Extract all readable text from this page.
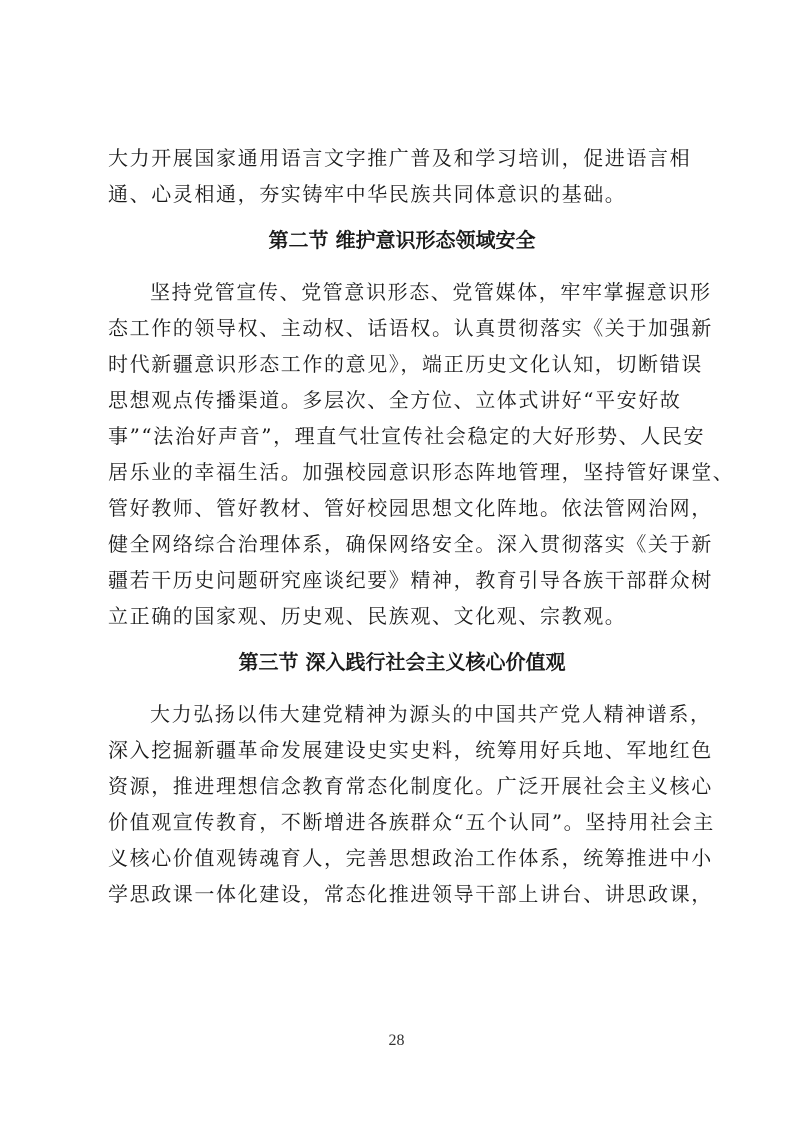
大力开展国家通用语言文字推广普及和学习培训，促进语言相
通、心灵相通，夯实铸牢中华民族共同体意识的基础。
第二节 维护意识形态领域安全
坚持党管宣传、党管意识形态、党管媒体，牢牢掌握意识形
态工作的领导权、主动权、话语权。认真贯彻落实《关于加强新
时代新疆意识形态工作的意见》，端正历史文化认知，切断错误
思想观点传播渠道。多层次、全方位、立体式讲好“平安好故
事”“法治好声音”，理直气壮宣传社会稳定的大好形势、人民安
居乐业的幸福生活。加强校园意识形态阵地管理，坚持管好课堂、
管好教师、管好教材、管好校园思想文化阵地。依法管网治网，
健全网络综合治理体系，确保网络安全。深入贯彻落实《关于新
疆若干历史问题研究座谈纪要》精神，教育引导各族干部群众树
立正确的国家观、历史观、民族观、文化观、宗教观。
第三节 深入践行社会主义核心价值观
大力弘扬以伟大建党精神为源头的中国共产党人精神谱系，
深入挖掘新疆革命发展建设史实史料，统筹用好兵地、军地红色
资源，推进理想信念教育常态化制度化。广泛开展社会主义核心
价值观宣传教育，不断增进各族群众“五个认同”。坚持用社会主
义核心价值观铸魂育人，完善思想政治工作体系，统筹推进中小
学思政课一体化建设，常态化推进领导干部上讲台、讲思政课，
28
